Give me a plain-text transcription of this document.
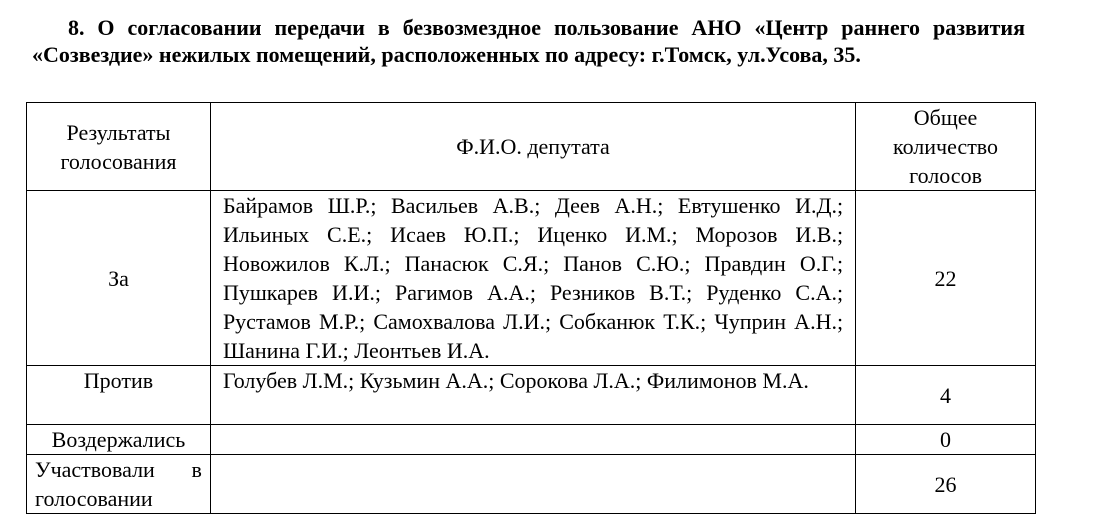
8. О согласовании передачи в безвозмездное пользование АНО «Центр раннего развития «Созвездие» нежилых помещений, расположенных по адресу: г.Томск, ул.Усова, 35.
Результаты голосования	Ф.И.О. депутата	Общее количество голосов
За	Байрамов Ш.Р.; Васильев А.В.; Деев А.Н.; Евтушенко И.Д.; Ильиных С.Е.; Исаев Ю.П.; Иценко И.М.; Морозов И.В.; Новожилов К.Л.; Панасюк С.Я.; Панов С.Ю.; Правдин О.Г.; Пушкарев И.И.; Рагимов А.А.; Резников В.Т.; Руденко С.А.; Рустамов М.Р.; Самохвалова Л.И.; Собканюк Т.К.; Чуприн А.Н.; Шанина Г.И.; Леонтьев И.А.	22
Против	Голубев Л.М.; Кузьмин А.А.; Сорокова Л.А.; Филимонов М.А.	4
Воздержались		0
Участвовали в голосовании		26
